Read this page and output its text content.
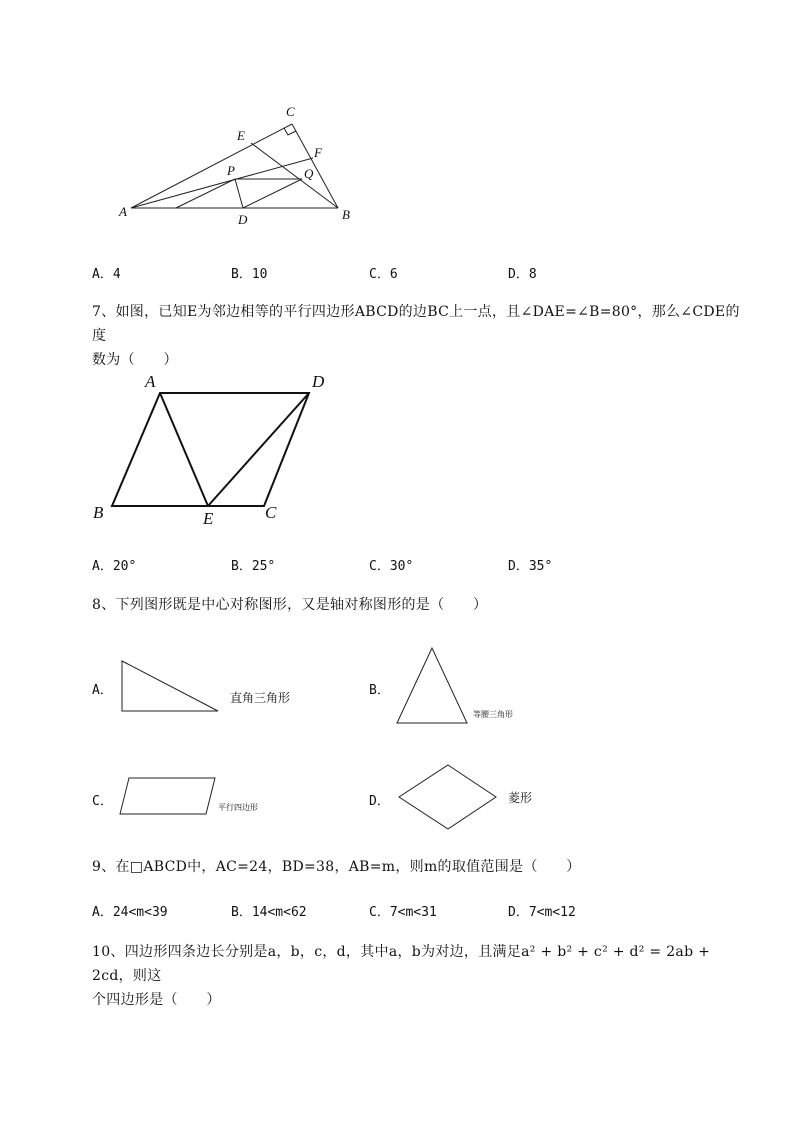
C
E
F
P	Q
A
D	B
A．4	B．10	C．6	D．8
7、如图，已知E为邻边相等的平行四边形ABCD的边BC上一点，且∠DAE=∠B=80°，那么∠CDE的度
数为（　　）
A	D
B	E	C
A．20°	B．25°	C．30°	D．35°
8、下列图形既是中心对称图形，又是轴对称图形的是（　　）
A．	直角三角形	B．
等腰三角形
C．	平行四边形	D．	菱形
9、在□ABCD中，AC=24，BD=38，AB=m，则m的取值范围是（　　）
A．24<m<39	B．14<m<62	C．7<m<31	D．7<m<12
10、四边形四条边长分别是a，b，c，d，其中a，b为对边，且满足a² + b² + c² + d² = 2ab + 2cd，则这
个四边形是（　　）
